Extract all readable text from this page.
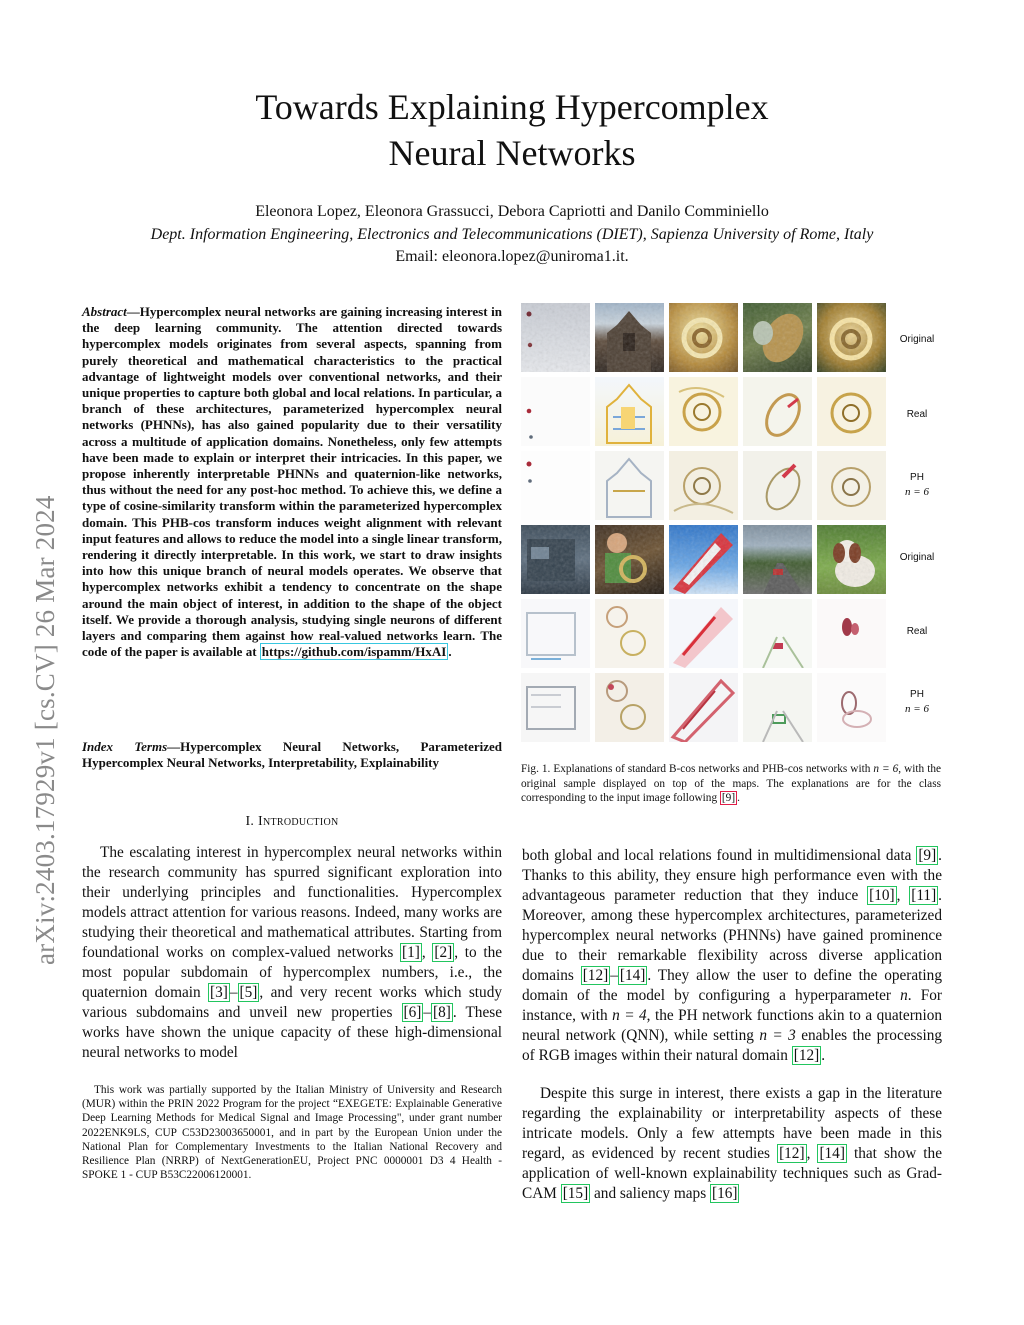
Towards Explaining Hypercomplex
Neural Networks
Eleonora Lopez, Eleonora Grassucci, Debora Capriotti and Danilo Comminiello
Dept. Information Engineering, Electronics and Telecommunications (DIET), Sapienza University of Rome, Italy
Email: eleonora.lopez@uniroma1.it.
arXiv:2403.17929v1 [cs.CV] 26 Mar 2024
Abstract—Hypercomplex neural networks are gaining increasing interest in the deep learning community. The attention directed towards hypercomplex models originates from several aspects, spanning from purely theoretical and mathematical characteristics to the practical advantage of lightweight models over conventional networks, and their unique properties to capture both global and local relations. In particular, a branch of these architectures, parameterized hypercomplex neural networks (PHNNs), has also gained popularity due to their versatility across a multitude of application domains. Nonetheless, only few attempts have been made to explain or interpret their intricacies. In this paper, we propose inherently interpretable PHNNs and quaternion-like networks, thus without the need for any post-hoc method. To achieve this, we define a type of cosine-similarity transform within the parameterized hypercomplex domain. This PHB-cos transform induces weight alignment with relevant input features and allows to reduce the model into a single linear transform, rendering it directly interpretable. In this work, we start to draw insights into how this unique branch of neural models operates. We observe that hypercomplex networks exhibit a tendency to concentrate on the shape around the main object of interest, in addition to the shape of the object itself. We provide a thorough analysis, studying single neurons of different layers and comparing them against how real-valued networks learn. The code of the paper is available at https://github.com/ispamm/HxAI .
Index Terms—Hypercomplex Neural Networks, Parameterized Hypercomplex Neural Networks, Interpretability, Explainability
I. Introduction
The escalating interest in hypercomplex neural networks within the research community has spurred significant exploration into their underlying principles and functionalities. Hypercomplex models attract attention for various reasons. Indeed, many works are studying their theoretical and mathematical attributes. Starting from foundational works on complex-valued networks [1] , [2] , to the most popular subdomain of hypercomplex numbers, i.e., the quaternion domain [3] – [5] , and very recent works which study various subdomains and unveil new properties [6] – [8] . These works have shown the unique capacity of these high-dimensional neural networks to model
This work was partially supported by the Italian Ministry of University and Research (MUR) within the PRIN 2022 Program for the project “EXEGETE: Explainable Generative Deep Learning Methods for Medical Signal and Image Processing", under grant number 2022ENK9LS, CUP C53D23003650001, and in part by the European Union under the National Plan for Complementary Investments to the Italian National Recovery and Resilience Plan (NRRP) of NextGenerationEU, Project PNC 0000001 D3 4 Health - SPOKE 1 - CUP B53C22006120001.
Original
Real
PH
n = 6
Original
Real
PH
n = 6
Fig. 1. Explanations of standard B-cos networks and PHB-cos networks with n = 6, with the original sample displayed on top of the maps. The explanations are for the class corresponding to the input image following [9] .
both global and local relations found in multidimensional data [9] . Thanks to this ability, they ensure high performance even with the advantageous parameter reduction that they induce [10] , [11] . Moreover, among these hypercomplex architectures, parameterized hypercomplex neural networks (PHNNs) have gained prominence due to their remarkable flexibility across diverse application domains [12] – [14] . They allow the user to define the operating domain of the model by configuring a hyperparameter n. For instance, with n = 4, the PH network functions akin to a quaternion neural network (QNN), while setting n = 3 enables the processing of RGB images within their natural domain [12] .
Despite this surge in interest, there exists a gap in the literature regarding the explainability or interpretability aspects of these intricate models. Only a few attempts have been made in this regard, as evidenced by recent studies [12] , [14] that show the application of well-known explainability techniques such as Grad-CAM [15] and saliency maps [16]
